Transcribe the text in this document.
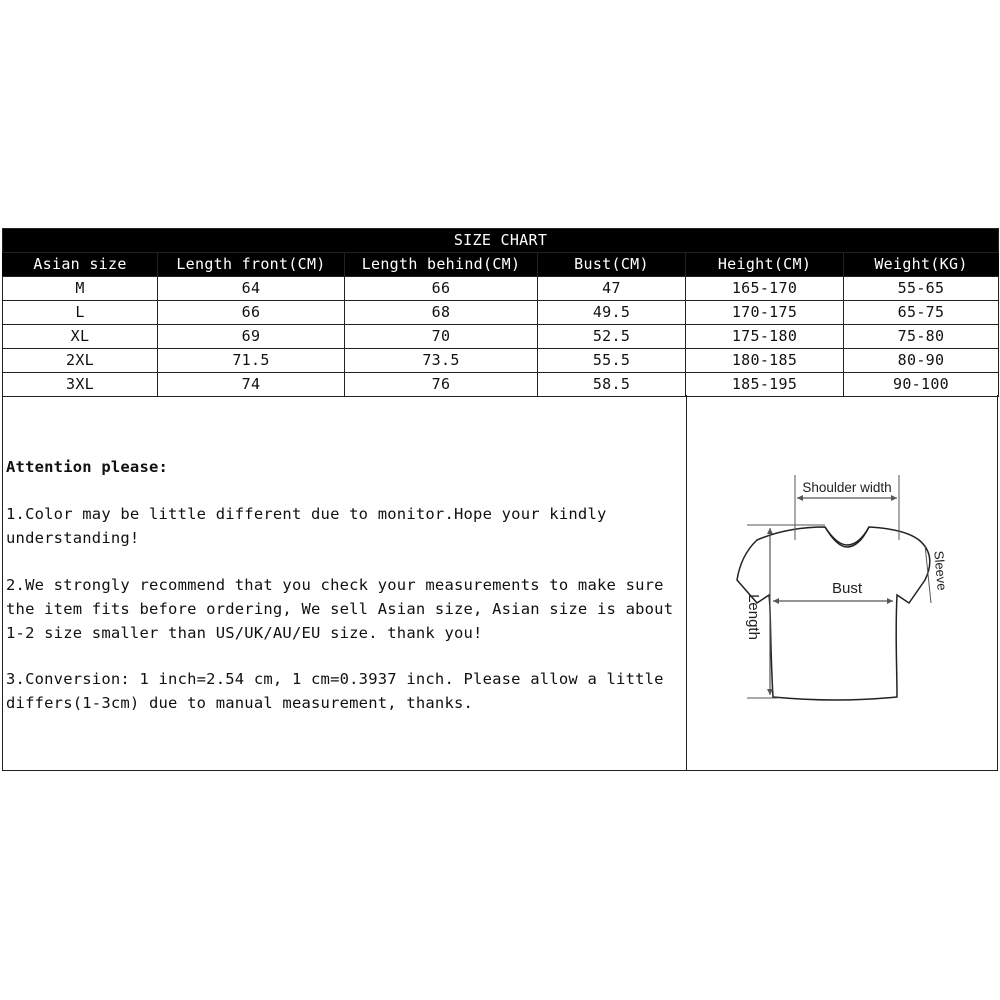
SIZE CHART					
Asian size	Length front(CM)	Length behind(CM)	Bust(CM)	Height(CM)	Weight(KG)
M	64	66	47	165-170	55-65
L	66	68	49.5	170-175	65-75
XL	69	70	52.5	175-180	75-80
2XL	71.5	73.5	55.5	180-185	80-90
3XL	74	76	58.5	185-195	90-100

Attention please:

1.Color may be little different due to monitor.Hope your kindly understanding!

2.We strongly recommend that you check your measurements to make sure the item fits before ordering, We sell Asian size, Asian size is about 1-2 size smaller than US/UK/AU/EU size. thank you!

3.Conversion: 1 inch=2.54 cm, 1 cm=0.3937 inch. Please allow a little differs(1-3cm) due to manual measurement, thanks.

Shoulder width
Bust
Length
Sleeve
